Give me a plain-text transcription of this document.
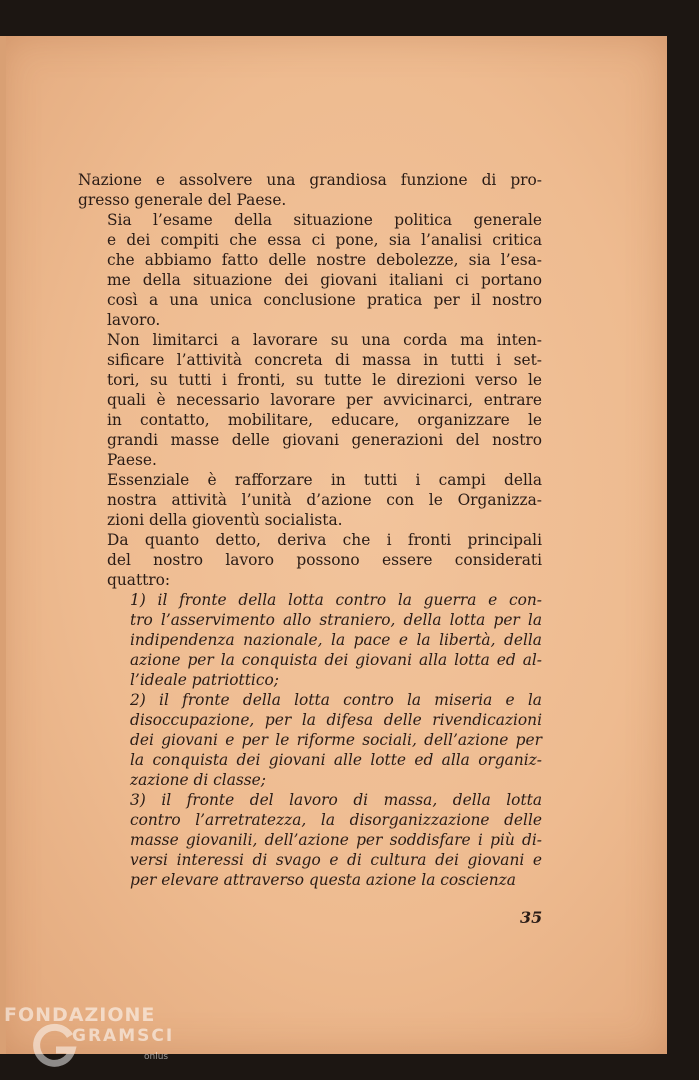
Nazione e assolvere una grandiosa funzione di pro-
gresso generale del Paese.

Sia l’esame della situazione politica generale
e dei compiti che essa ci pone, sia l’analisi critica
che abbiamo fatto delle nostre debolezze, sia l’esa-
me della situazione dei giovani italiani ci portano
così a una unica conclusione pratica per il nostro
lavoro.

Non limitarci a lavorare su una corda ma inten-
sificare l’attività concreta di massa in tutti i set-
tori, su tutti i fronti, su tutte le direzioni verso le
quali è necessario lavorare per avvicinarci, entrare
in contatto, mobilitare, educare, organizzare le
grandi masse delle giovani generazioni del nostro
Paese.

Essenziale è rafforzare in tutti i campi della
nostra attività l’unità d’azione con le Organizza-
zioni della gioventù socialista.

Da quanto detto, deriva che i fronti principali
del nostro lavoro possono essere considerati
quattro:

1) il fronte della lotta contro la guerra e con-
tro l’asservimento allo straniero, della lotta per la
indipendenza nazionale, la pace e la libertà, della
azione per la conquista dei giovani alla lotta ed al-
l’ideale patriottico;

2) il fronte della lotta contro la miseria e la
disoccupazione, per la difesa delle rivendicazioni
dei giovani e per le riforme sociali, dell’azione per
la conquista dei giovani alle lotte ed alla organiz-
zazione di classe;

3) il fronte del lavoro di massa, della lotta
contro l’arretratezza, la disorganizzazione delle
masse giovanili, dell’azione per soddisfare i più di-
versi interessi di svago e di cultura dei giovani e
per elevare attraverso questa azione la coscienza

35
FONDAZIONE
GRAMSCI
onlus
